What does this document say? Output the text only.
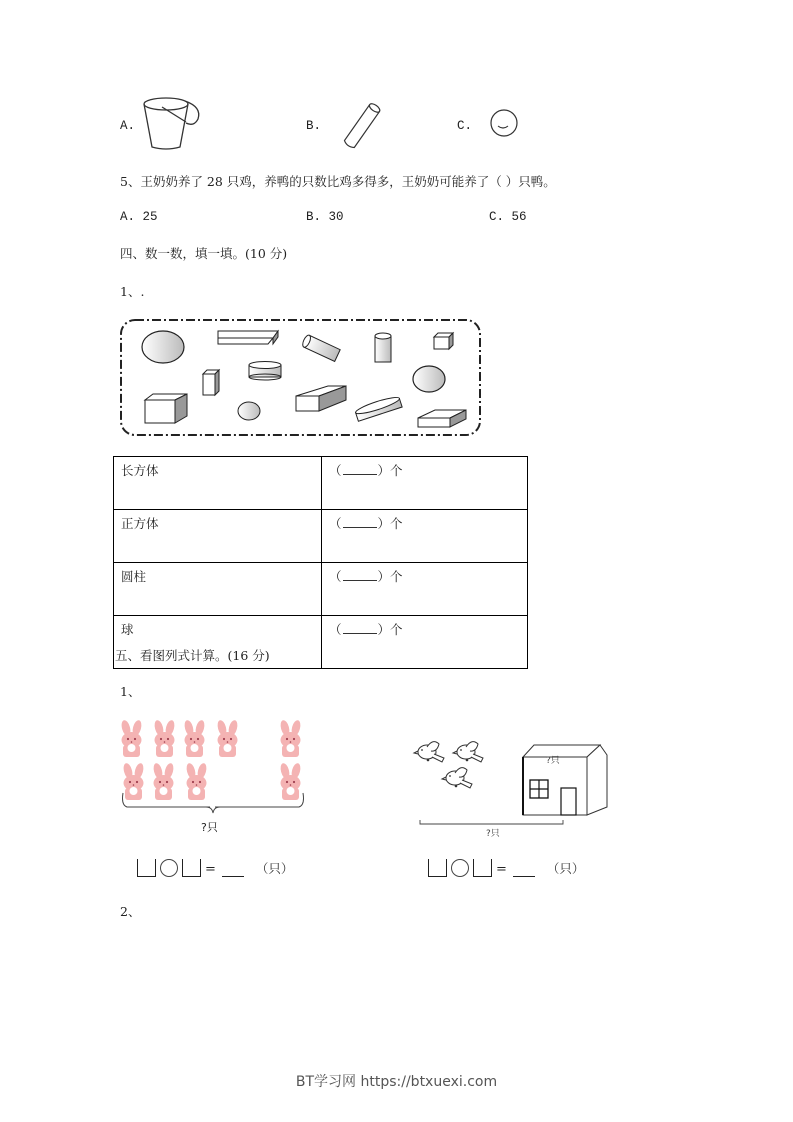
A.	B.	C.
5、王奶奶养了 28 只鸡，养鸭的只数比鸡多得多，王奶奶可能养了（ ）只鸭。
A. 25	B. 30	C. 56
四、数一数，填一填。(10 分)
1、.
长方体	（ ）个
正方体	（ ）个
圆柱	（ ）个
球	（ ）个
五、看图列式计算。(16 分)
1、
?只
?只
?只
=	（只）	=	（只）
2、
BT学习网 https://btxuexi.com
